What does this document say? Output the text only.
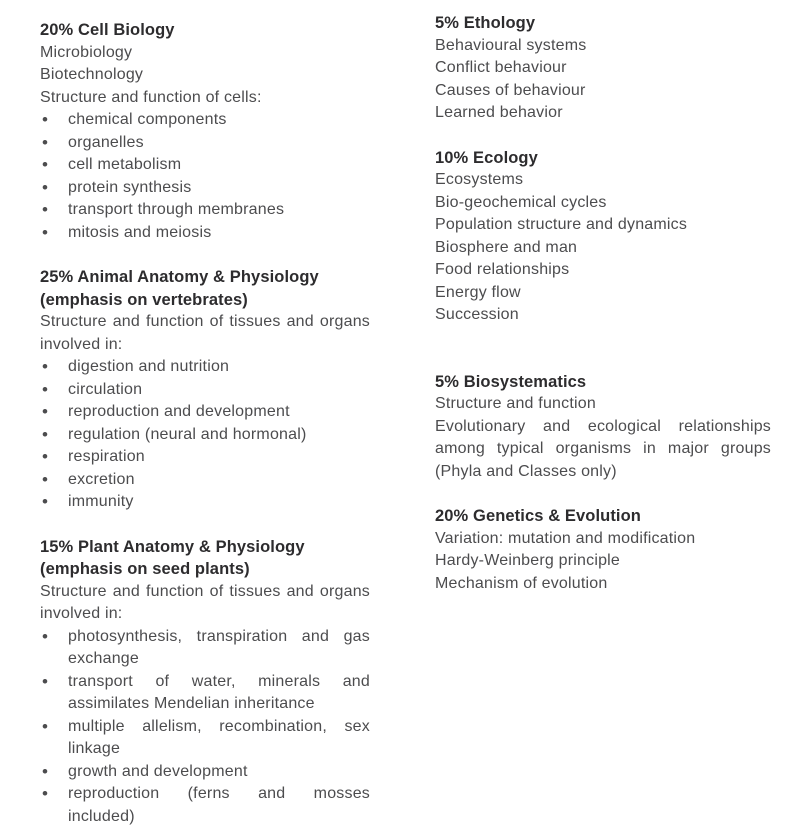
20% Cell Biology

Microbiology

Biotechnology

Structure and function of cells:

• chemical components
• organelles
• cell metabolism
• protein synthesis
• transport through membranes
• mitosis and meiosis
25% Animal Anatomy & Physiology
(emphasis on vertebrates)

Structure and function of tissues and organs involved in:

• digestion and nutrition
• circulation
• reproduction and development
• regulation (neural and hormonal)
• respiration
• excretion
• immunity
15% Plant Anatomy & Physiology
(emphasis on seed plants)

Structure and function of tissues and organs involved in:

• photosynthesis, transpiration and gas exchange
• transport of water, minerals and assimilates Mendelian inheritance
• multiple allelism, recombination, sex linkage
• growth and development
• reproduction (ferns and mosses included)
5% Ethology

Behavioural systems

Conflict behaviour

Causes of behaviour

Learned behavior

10% Ecology

Ecosystems

Bio-geochemical cycles

Population structure and dynamics

Biosphere and man

Food relationships

Energy flow

Succession

5% Biosystematics

Structure and function

Evolutionary and ecological relationships among typical organisms in major groups (Phyla and Classes only)

20% Genetics & Evolution

Variation: mutation and modification

Hardy-Weinberg principle

Mechanism of evolution
